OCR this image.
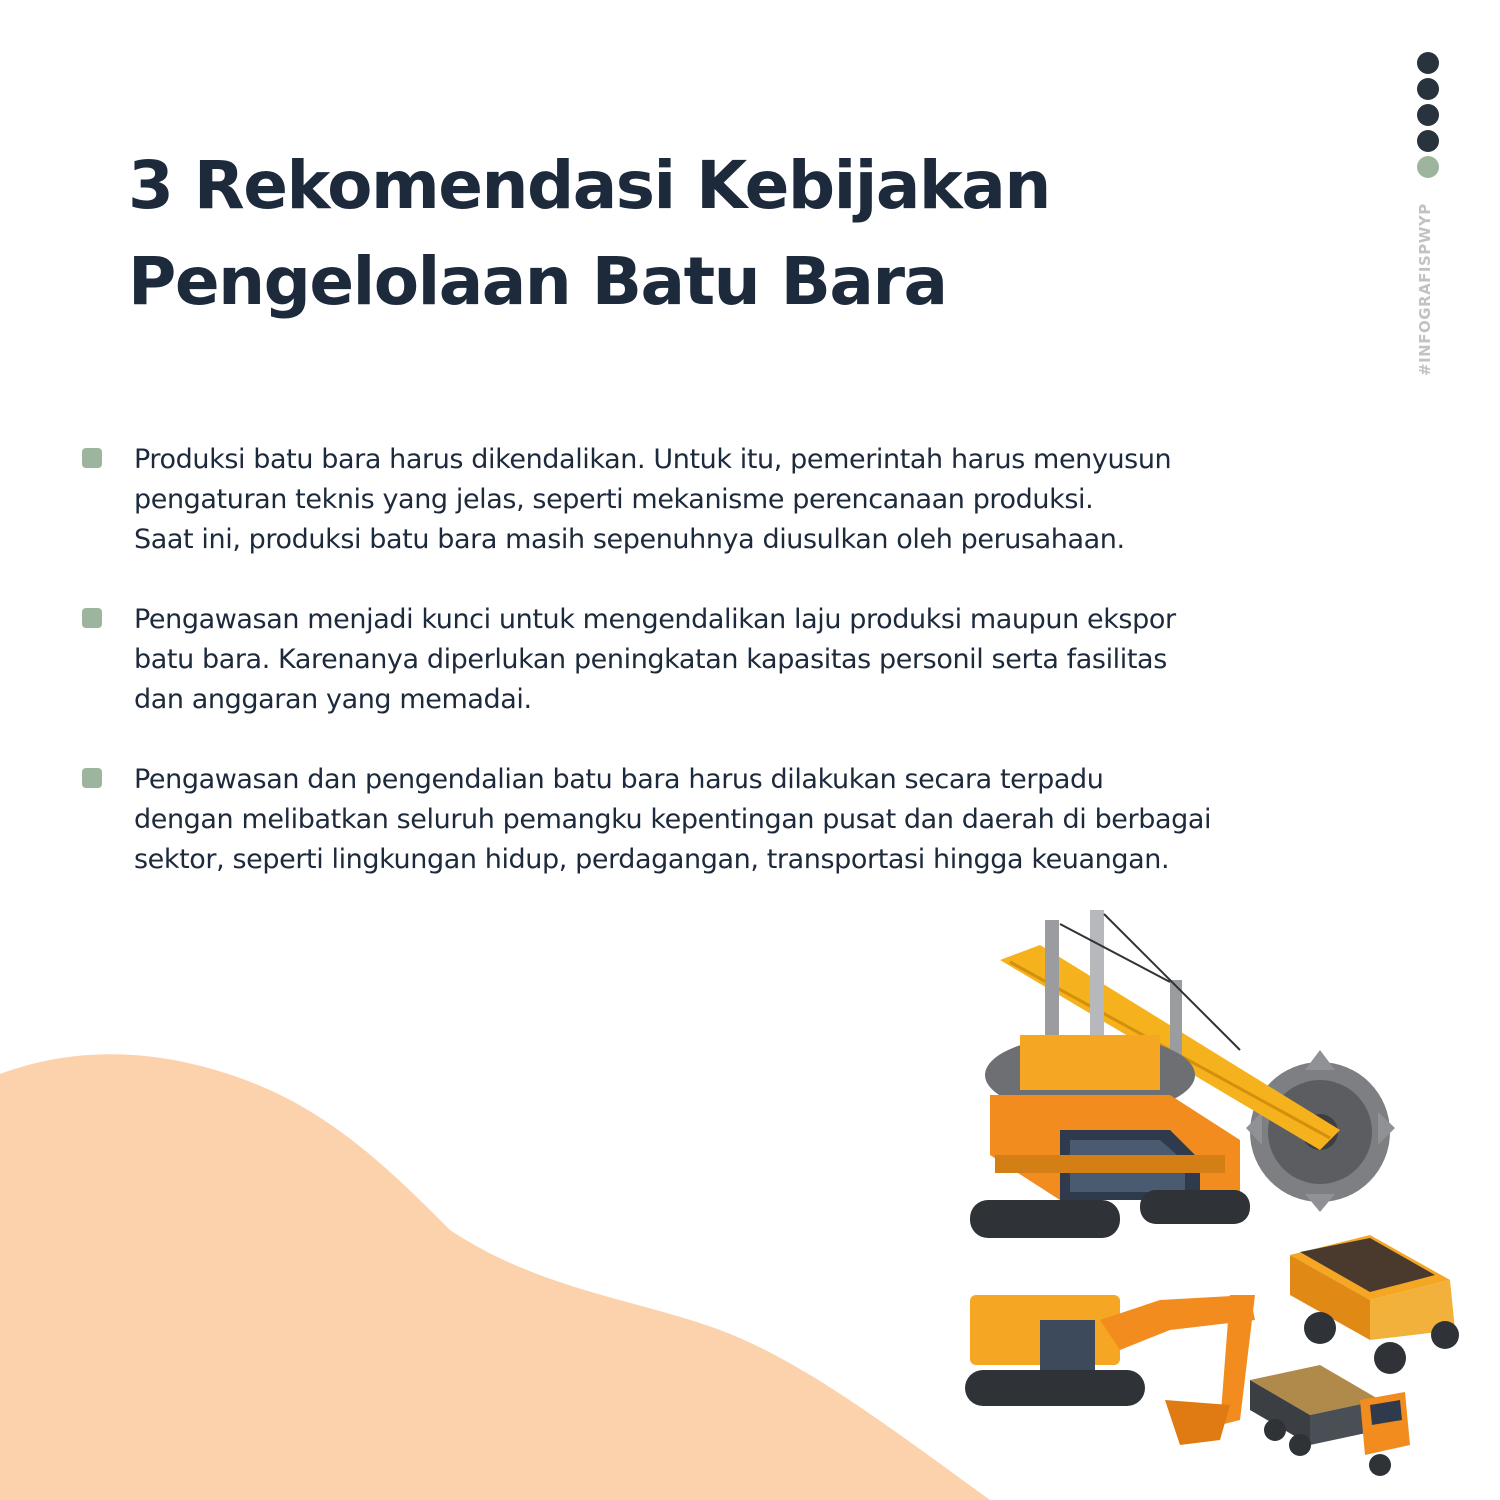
3 Rekomendasi Kebijakan
Pengelolaan Batu Bara	#INFOGRAFISPWYP
Produksi batu bara harus dikendalikan. Untuk itu, pemerintah harus menyusun
pengaturan teknis yang jelas, seperti mekanisme perencanaan produksi.
Saat ini, produksi batu bara masih sepenuhnya diusulkan oleh perusahaan.
Pengawasan menjadi kunci untuk mengendalikan laju produksi maupun ekspor
batu bara. Karenanya diperlukan peningkatan kapasitas personil serta fasilitas
dan anggaran yang memadai.
Pengawasan dan pengendalian batu bara harus dilakukan secara terpadu
dengan melibatkan seluruh pemangku kepentingan pusat dan daerah di berbagai
sektor, seperti lingkungan hidup, perdagangan, transportasi hingga keuangan.
